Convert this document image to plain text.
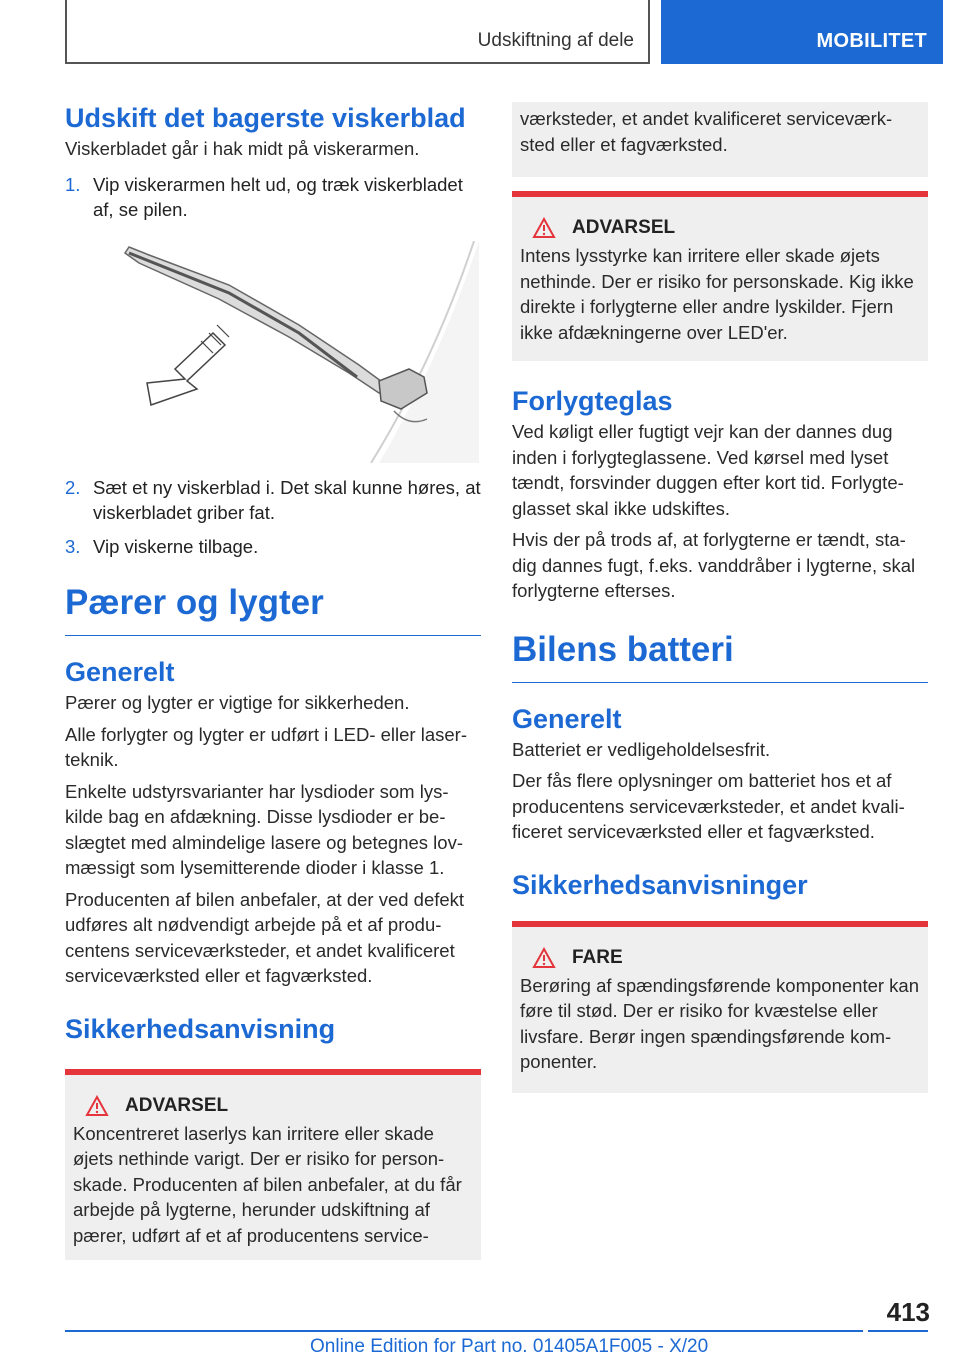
Udskiftning af dele	MOBILITET
Udskift det bagerste viskerblad

Viskerbladet går i hak midt på viskerarmen.

1. Vip viskerarmen helt ud, og træk viskerbladet af, se pilen.
2. Sæt et ny viskerblad i. Det skal kunne høres, at viskerbladet griber fat.
3. Vip viskerne tilbage.
Pærer og lygter
Generelt

Pærer og lygter er vigtige for sikkerheden.

Alle forlygter og lygter er udført i LED- eller laser-teknik.

Enkelte udstyrsvarianter har lysdioder som lys-kilde bag en afdækning. Disse lysdioder er be-slægtet med almindelige lasere og betegnes lov-mæssigt som lysemitterende dioder i klasse 1.

Producenten af bilen anbefaler, at der ved defekt udføres alt nødvendigt arbejde på et af produ-centens serviceværksteder, et andet kvalificeret serviceværksted eller et fagværksted.

Sikkerhedsanvisning
ADVARSEL

Koncentreret laserlys kan irritere eller skade øjets nethinde varigt. Der er risiko for person-skade. Producenten af bilen anbefaler, at du får arbejde på lygterne, herunder udskiftning af pærer, udført af et af producentens service-

værksteder, et andet kvalificeret serviceværk-sted eller et fagværksted.

ADVARSEL

Intens lysstyrke kan irritere eller skade øjets nethinde. Der er risiko for personskade. Kig ikke direkte i forlygterne eller andre lyskilder. Fjern ikke afdækningerne over LED'er.

Forlygteglas

Ved køligt eller fugtigt vejr kan der dannes dug inden i forlygteglassene. Ved kørsel med lyset tændt, forsvinder duggen efter kort tid. Forlygte-glasset skal ikke udskiftes.

Hvis der på trods af, at forlygterne er tændt, sta-dig dannes fugt, f.eks. vanddråber i lygterne, skal forlygterne efterses.

Bilens batteri
Generelt

Batteriet er vedligeholdelsesfrit.

Der fås flere oplysninger om batteriet hos et af producentens serviceværksteder, et andet kvali-ficeret serviceværksted eller et fagværksted.

Sikkerhedsanvisninger
FARE

Berøring af spændingsførende komponenter kan føre til stød. Der er risiko for kvæstelse eller livsfare. Berør ingen spændingsførende kom-ponenter.

413
Online Edition for Part no. 01405A1F005 - X/20
